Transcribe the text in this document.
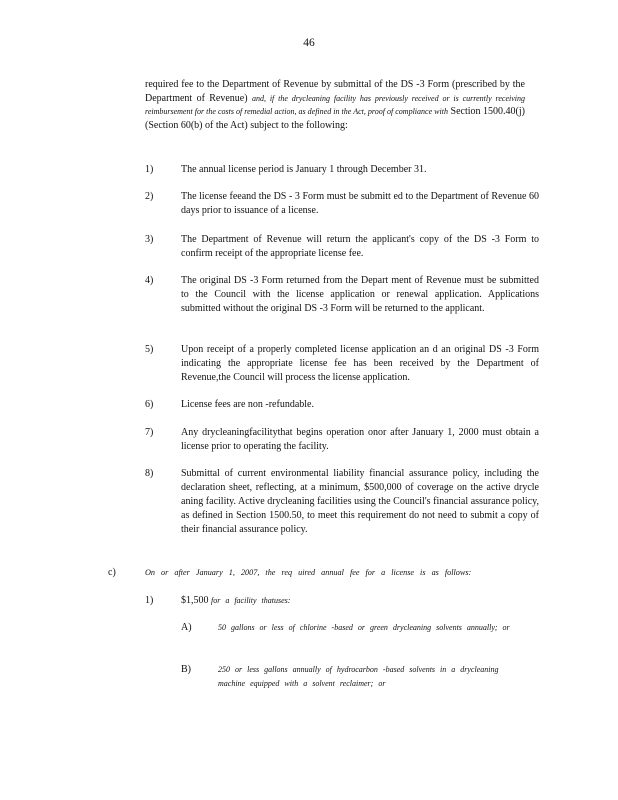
46
required fee to the Department of Revenue by submittal of the DS -3 Form (prescribed by the Department of Revenue) and, if the drycleaning facility has previously received or is currently receiving reimbursement for the costs of remedial action, as defined in the Act, proof of compliance with Section 1500.40(j) (Section 60(b) of the Act) subject to the following:
1)	The annual license period is January 1 through December 31.
2)	The license feeand the DS - 3 Form must be submitt ed to the Department of Revenue 60 days prior to issuance of a license.
3)	The Department of Revenue will return the applicant's copy of the DS -3 Form to confirm receipt of the appropriate license fee.
4)	The original DS -3 Form returned from the Depart ment of Revenue must be submitted to the Council with the license application or renewal application. Applications submitted without the original DS -3 Form will be returned to the applicant.
5)	Upon receipt of a properly completed license application an d an original DS -3 Form indicating the appropriate license fee has been received by the Department of Revenue,the Council will process the license application.
6)	License fees are non -refundable.
7)	Any drycleaningfacilitythat begins operation onor after January 1, 2000 must obtain a license prior to operating the facility.
8)	Submittal of current environmental liability financial assurance policy, including the declaration sheet, reflecting, at a minimum, $500,000 of coverage on the active drycle aning facility. Active drycleaning facilities using the Council's financial assurance policy, as defined in Section 1500.50, to meet this requirement do not need to submit a copy of their financial assurance policy.
c)	On or after January 1, 2007, the req uired annual fee for a license is as follows:
1)	$1,500 for a facility thatuses:
A)	50 gallons or less of chlorine -based or green drycleaning solvents annually; or
B)	250 or less gallons annually of hydrocarbon -based solvents in a drycleaning machine equipped with a solvent reclaimer; or
